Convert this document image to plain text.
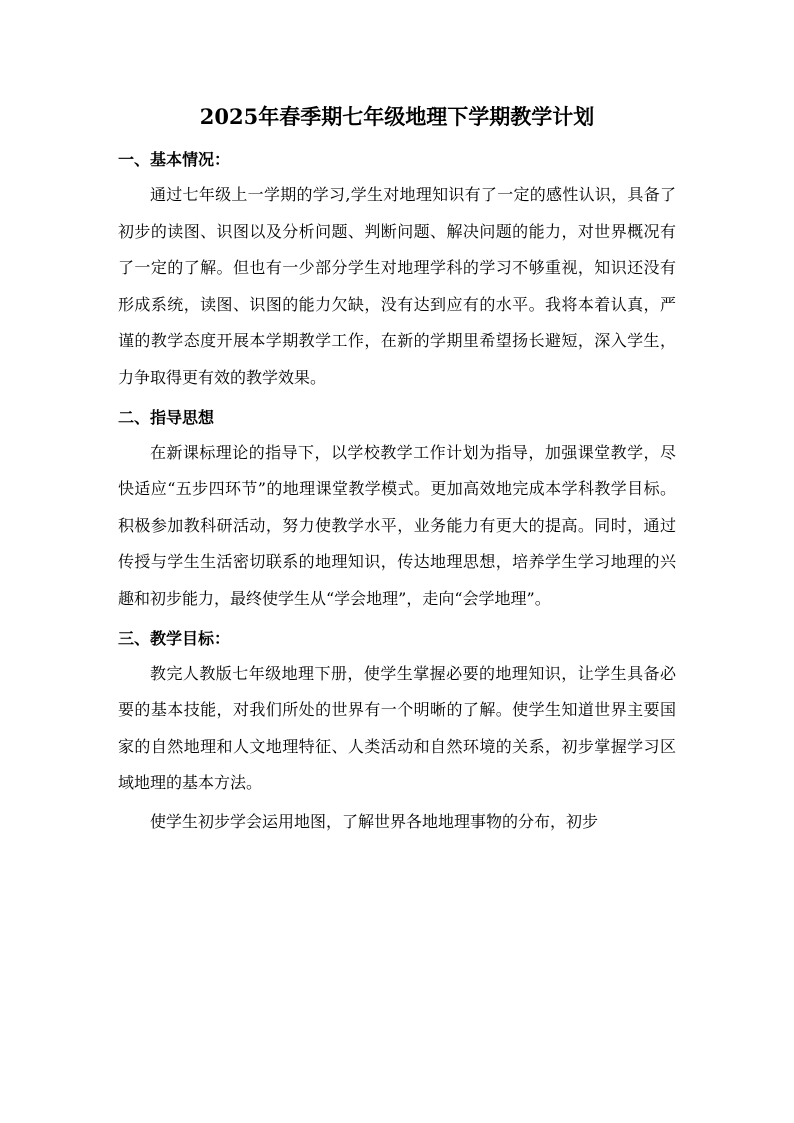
2025年春季期七年级地理下学期教学计划
一、基本情况：

通过七年级上一学期的学习,学生对地理知识有了一定的感性认识，具备了初步的读图、识图以及分析问题、判断问题、解决问题的能力，对世界概况有了一定的了解。但也有一少部分学生对地理学科的学习不够重视，知识还没有形成系统，读图、识图的能力欠缺，没有达到应有的水平。我将本着认真，严谨的教学态度开展本学期教学工作，在新的学期里希望扬长避短，深入学生，力争取得更有效的教学效果。

二、指导思想

在新课标理论的指导下，以学校教学工作计划为指导，加强课堂教学，尽快适应“五步四环节”的地理课堂教学模式。更加高效地完成本学科教学目标。积极参加教科研活动，努力使教学水平，业务能力有更大的提高。同时，通过传授与学生生活密切联系的地理知识，传达地理思想，培养学生学习地理的兴趣和初步能力，最终使学生从“学会地理”，走向“会学地理”。

三、教学目标：

教完人教版七年级地理下册，使学生掌握必要的地理知识，让学生具备必要的基本技能，对我们所处的世界有一个明晰的了解。使学生知道世界主要国家的自然地理和人文地理特征、人类活动和自然环境的关系，初步掌握学习区域地理的基本方法。

使学生初步学会运用地图，了解世界各地地理事物的分布，初步
